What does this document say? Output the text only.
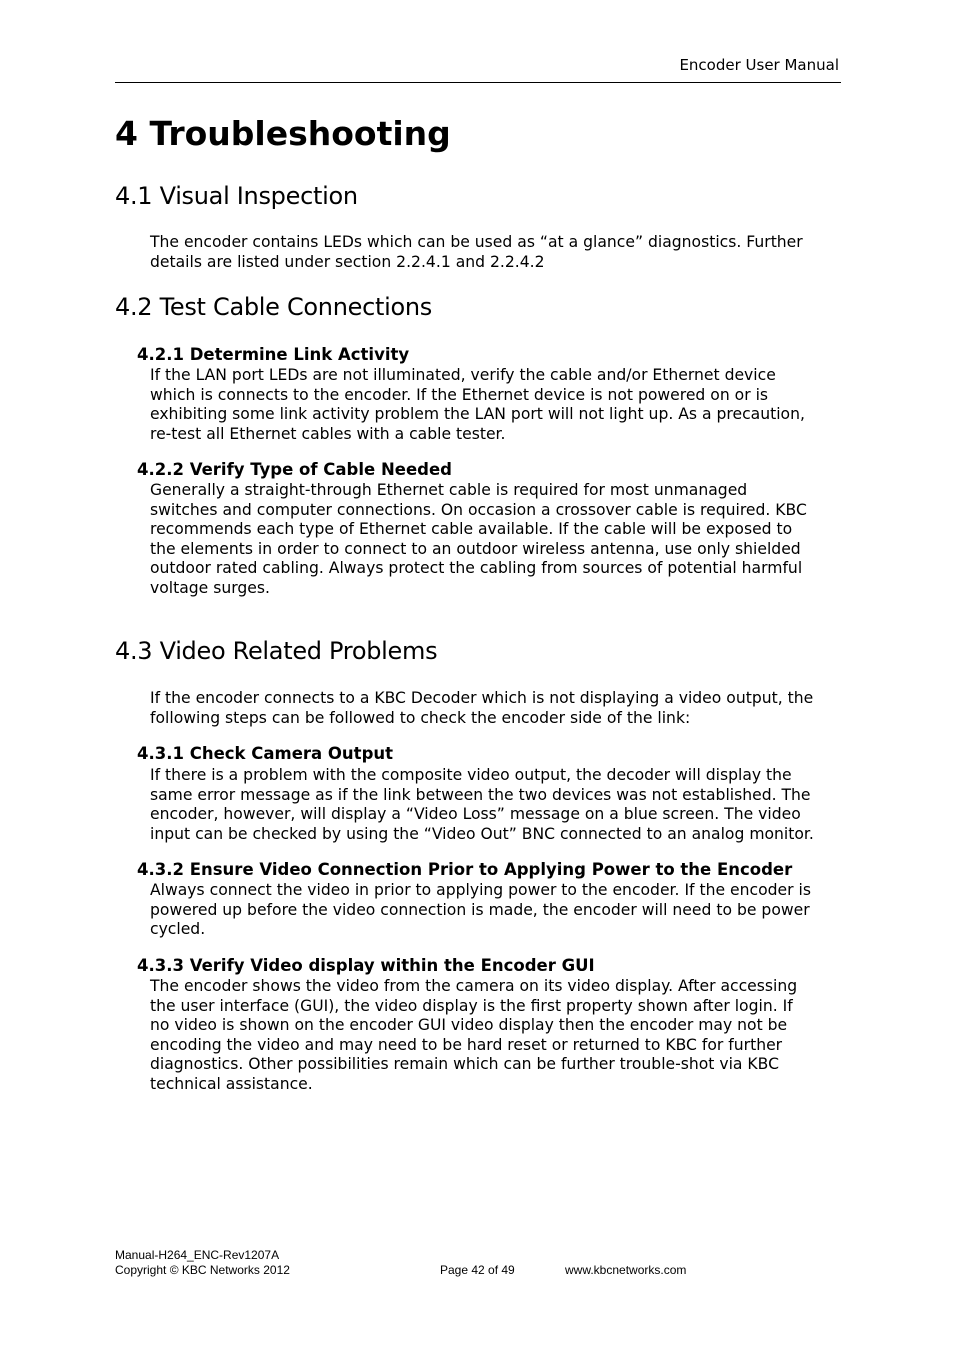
Encoder User Manual
4 Troubleshooting
4.1 Visual Inspection
The encoder contains LEDs which can be used as “at a glance” diagnostics. Further
details are listed under section 2.2.4.1 and 2.2.4.2
4.2 Test Cable Connections
4.2.1 Determine Link Activity
If the LAN port LEDs are not illuminated, verify the cable and/or Ethernet device
which is connects to the encoder. If the Ethernet device is not powered on or is
exhibiting some link activity problem the LAN port will not light up. As a precaution,
re-test all Ethernet cables with a cable tester.
4.2.2 Verify Type of Cable Needed
Generally a straight-through Ethernet cable is required for most unmanaged
switches and computer connections. On occasion a crossover cable is required. KBC
recommends each type of Ethernet cable available. If the cable will be exposed to
the elements in order to connect to an outdoor wireless antenna, use only shielded
outdoor rated cabling. Always protect the cabling from sources of potential harmful
voltage surges.
4.3 Video Related Problems
If the encoder connects to a KBC Decoder which is not displaying a video output, the
following steps can be followed to check the encoder side of the link:
4.3.1 Check Camera Output
If there is a problem with the composite video output, the decoder will display the
same error message as if the link between the two devices was not established. The
encoder, however, will display a “Video Loss” message on a blue screen. The video
input can be checked by using the “Video Out” BNC connected to an analog monitor.
4.3.2 Ensure Video Connection Prior to Applying Power to the Encoder
Always connect the video in prior to applying power to the encoder. If the encoder is
powered up before the video connection is made, the encoder will need to be power
cycled.
4.3.3 Verify Video display within the Encoder GUI
The encoder shows the video from the camera on its video display. After accessing
the user interface (GUI), the video display is the first property shown after login. If
no video is shown on the encoder GUI video display then the encoder may not be
encoding the video and may need to be hard reset or returned to KBC for further
diagnostics. Other possibilities remain which can be further trouble-shot via KBC
technical assistance.
Manual-H264_ENC-Rev1207A
Copyright © KBC Networks 2012	Page 42 of 49	www.kbcnetworks.com
